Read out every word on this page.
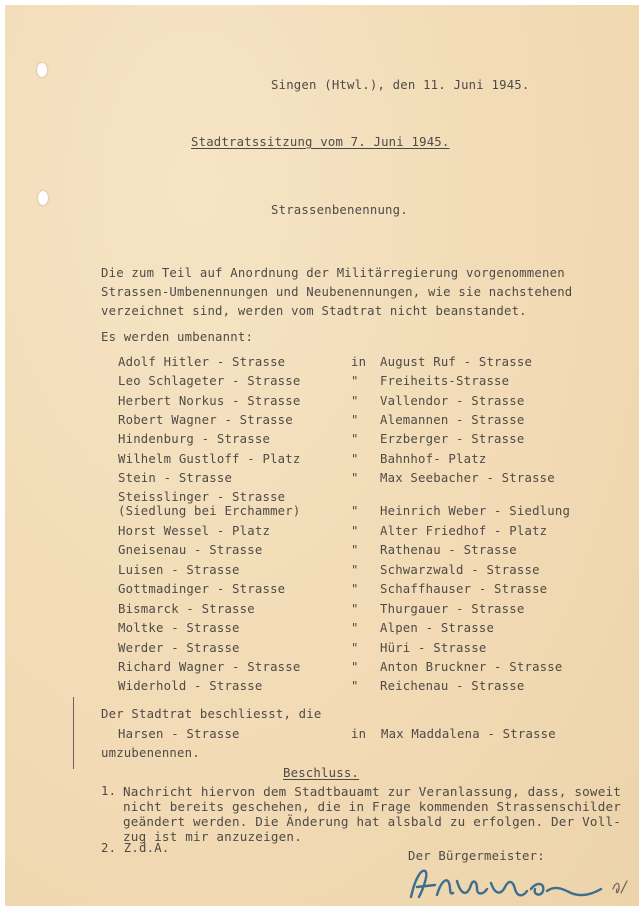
Singen (Htwl.), den 11. Juni 1945.
Stadtratssitzung vom 7. Juni 1945.
Strassenbenennung.
Die zum Teil auf Anordnung der Militärregierung vorgenommenen
Strassen-Umbenennungen und Neubenennungen, wie sie nachstehend
verzeichnet sind, werden vom Stadtrat nicht beanstandet.
Es werden umbenannt:
Adolf Hitler - Strasse	in August Ruf - Strasse
Leo Schlageter - Strasse	" Freiheits-Strasse
Herbert Norkus - Strasse	" Vallendor - Strasse
Robert Wagner - Strasse	" Alemannen - Strasse
Hindenburg - Strasse	" Erzberger - Strasse
Wilhelm Gustloff - Platz	" Bahnhof- Platz
Stein - Strasse	" Max Seebacher - Strasse
Steisslinger - Strasse
(Siedlung bei Erchammer)	" Heinrich Weber - Siedlung
Horst Wessel - Platz	" Alter Friedhof - Platz
Gneisenau - Strasse	" Rathenau - Strasse
Luisen - Strasse	" Schwarzwald - Strasse
Gottmadinger - Strasse	" Schaffhauser - Strasse
Bismarck - Strasse	" Thurgauer - Strasse
Moltke - Strasse	" Alpen - Strasse
Werder - Strasse	" Hüri - Strasse
Richard Wagner - Strasse	" Anton Bruckner - Strasse
Widerhold - Strasse	" Reichenau - Strasse
Der Stadtrat beschliesst, die
Harsen - Strasse	in Max Maddalena - Strasse
umzubenennen.
Beschluss.
1. Nachricht hiervon dem Stadtbauamt zur Veranlassung, dass, soweit
nicht bereits geschehen, die in Frage kommenden Strassenschilder
geändert werden. Die Änderung hat alsbald zu erfolgen. Der Voll-
zug ist mir anzuzeigen.
2. Z.d.A.
Der Bürgermeister:
